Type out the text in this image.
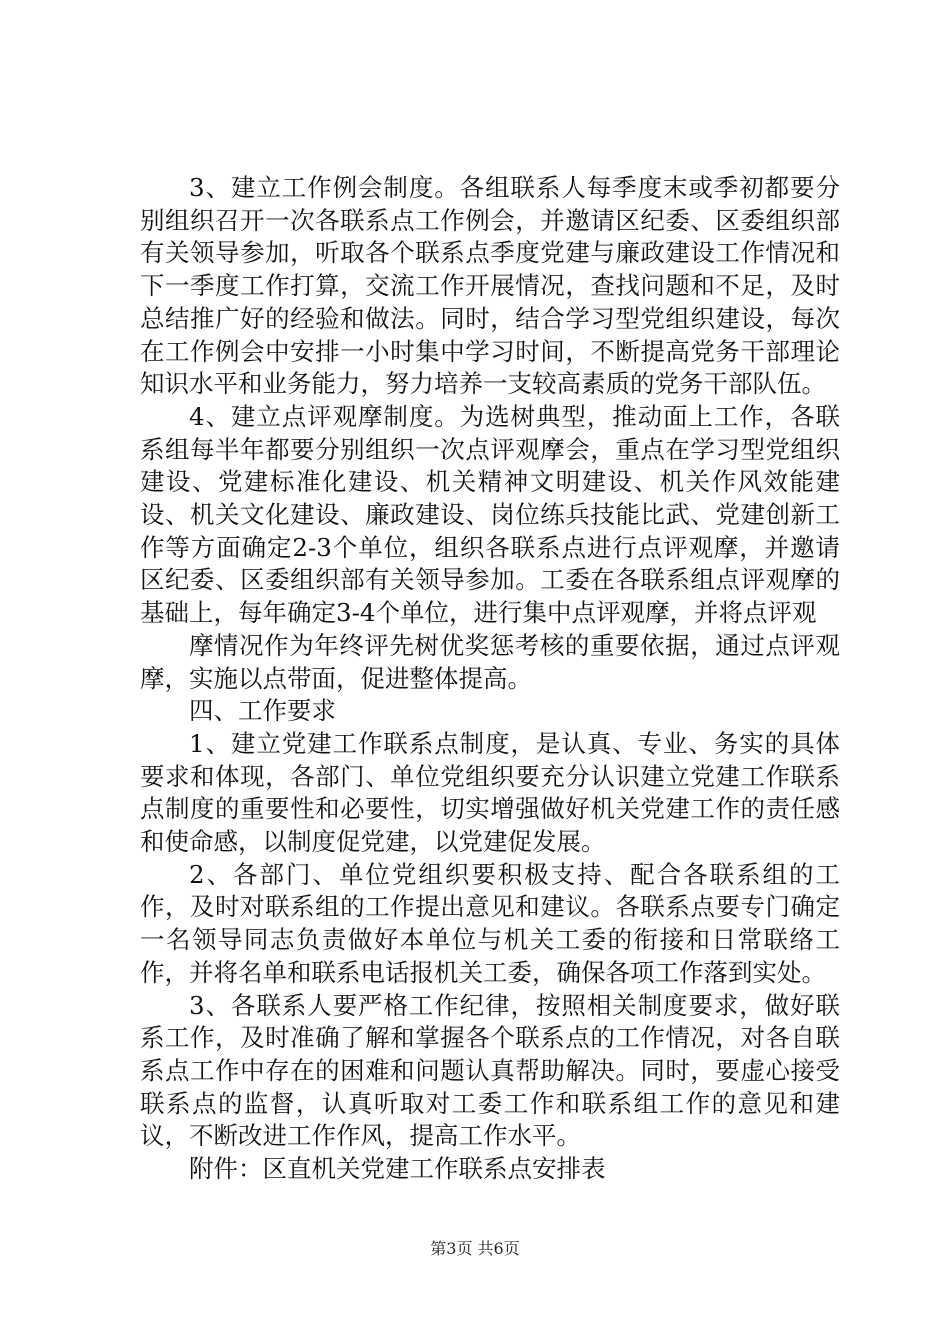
3、建立工作例会制度。各组联系人每季度末或季初都要分别组织召开一次各联系点工作例会，并邀请区纪委、区委组织部有关领导参加，听取各个联系点季度党建与廉政建设工作情况和下一季度工作打算，交流工作开展情况，查找问题和不足，及时总结推广好的经验和做法。同时，结合学习型党组织建设，每次在工作例会中安排一小时集中学习时间，不断提高党务干部理论知识水平和业务能力，努力培养一支较高素质的党务干部队伍。

4、建立点评观摩制度。为选树典型，推动面上工作，各联系组每半年都要分别组织一次点评观摩会，重点在学习型党组织建设、党建标准化建设、机关精神文明建设、机关作风效能建设、机关文化建设、廉政建设、岗位练兵技能比武、党建创新工作等方面确定2-3个单位，组织各联系点进行点评观摩，并邀请区纪委、区委组织部有关领导参加。工委在各联系组点评观摩的基础上，每年确定3-4个单位，进行集中点评观摩，并将点评观

摩情况作为年终评先树优奖惩考核的重要依据，通过点评观摩，实施以点带面，促进整体提高。

四、工作要求

1、建立党建工作联系点制度，是认真、专业、务实的具体要求和体现，各部门、单位党组织要充分认识建立党建工作联系点制度的重要性和必要性，切实增强做好机关党建工作的责任感和使命感，以制度促党建，以党建促发展。

2、各部门、单位党组织要积极支持、配合各联系组的工作，及时对联系组的工作提出意见和建议。各联系点要专门确定一名领导同志负责做好本单位与机关工委的衔接和日常联络工作，并将名单和联系电话报机关工委，确保各项工作落到实处。

3、各联系人要严格工作纪律，按照相关制度要求，做好联系工作，及时准确了解和掌握各个联系点的工作情况，对各自联系点工作中存在的困难和问题认真帮助解决。同时，要虚心接受联系点的监督，认真听取对工委工作和联系组工作的意见和建议，不断改进工作作风，提高工作水平。

附件：区直机关党建工作联系点安排表

第3页 共6页
